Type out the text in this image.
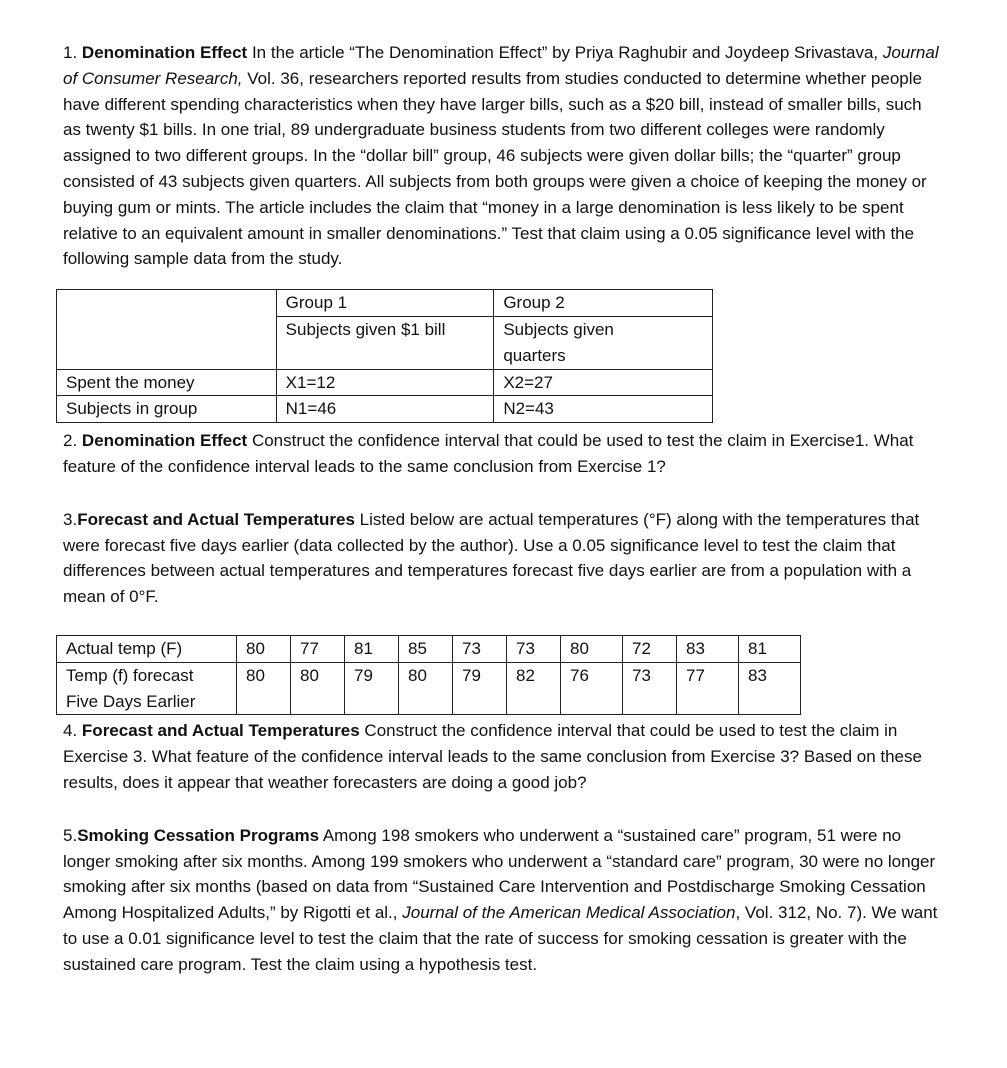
1. Denomination Effect In the article “The Denomination Effect” by Priya Raghubir and Joydeep Srivastava, Journal of Consumer Research, Vol. 36, researchers reported results from studies conducted to determine whether people have different spending characteristics when they have larger bills, such as a $20 bill, instead of smaller bills, such as twenty $1 bills. In one trial, 89 undergraduate business students from two different colleges were randomly assigned to two different groups. In the “dollar bill” group, 46 subjects were given dollar bills; the “quarter” group consisted of 43 subjects given quarters. All subjects from both groups were given a choice of keeping the money or buying gum or mints. The article includes the claim that “money in a large denomination is less likely to be spent relative to an equivalent amount in smaller denominations.” Test that claim using a 0.05 significance level with the following sample data from the study.

	Group 1	Group 2
	Subjects given $1 bill	Subjects given
quarters
Spent the money	X1=12	X2=27
Subjects in group	N1=46	N2=43

2. Denomination Effect Construct the confidence interval that could be used to test the claim in Exercise1. What feature of the confidence interval leads to the same conclusion from Exercise 1?

3.Forecast and Actual Temperatures Listed below are actual temperatures (°F) along with the temperatures that were forecast five days earlier (data collected by the author). Use a 0.05 significance level to test the claim that differences between actual temperatures and temperatures forecast five days earlier are from a population with a mean of 0°F.

Actual temp (F)	80	77	81	85	73	73	80	72	83	81
Temp (f) forecast
Five Days Earlier	80	80	79	80	79	82	76	73	77	83

4. Forecast and Actual Temperatures Construct the confidence interval that could be used to test the claim in Exercise 3. What feature of the confidence interval leads to the same conclusion from Exercise 3? Based on these results, does it appear that weather forecasters are doing a good job?

5.Smoking Cessation Programs Among 198 smokers who underwent a “sustained care” program, 51 were no longer smoking after six months. Among 199 smokers who underwent a “standard care” program, 30 were no longer smoking after six months (based on data from “Sustained Care Intervention and Postdischarge Smoking Cessation Among Hospitalized Adults,” by Rigotti et al., Journal of the American Medical Association, Vol. 312, No. 7). We want to use a 0.01 significance level to test the claim that the rate of success for smoking cessation is greater with the sustained care program. Test the claim using a hypothesis test.
